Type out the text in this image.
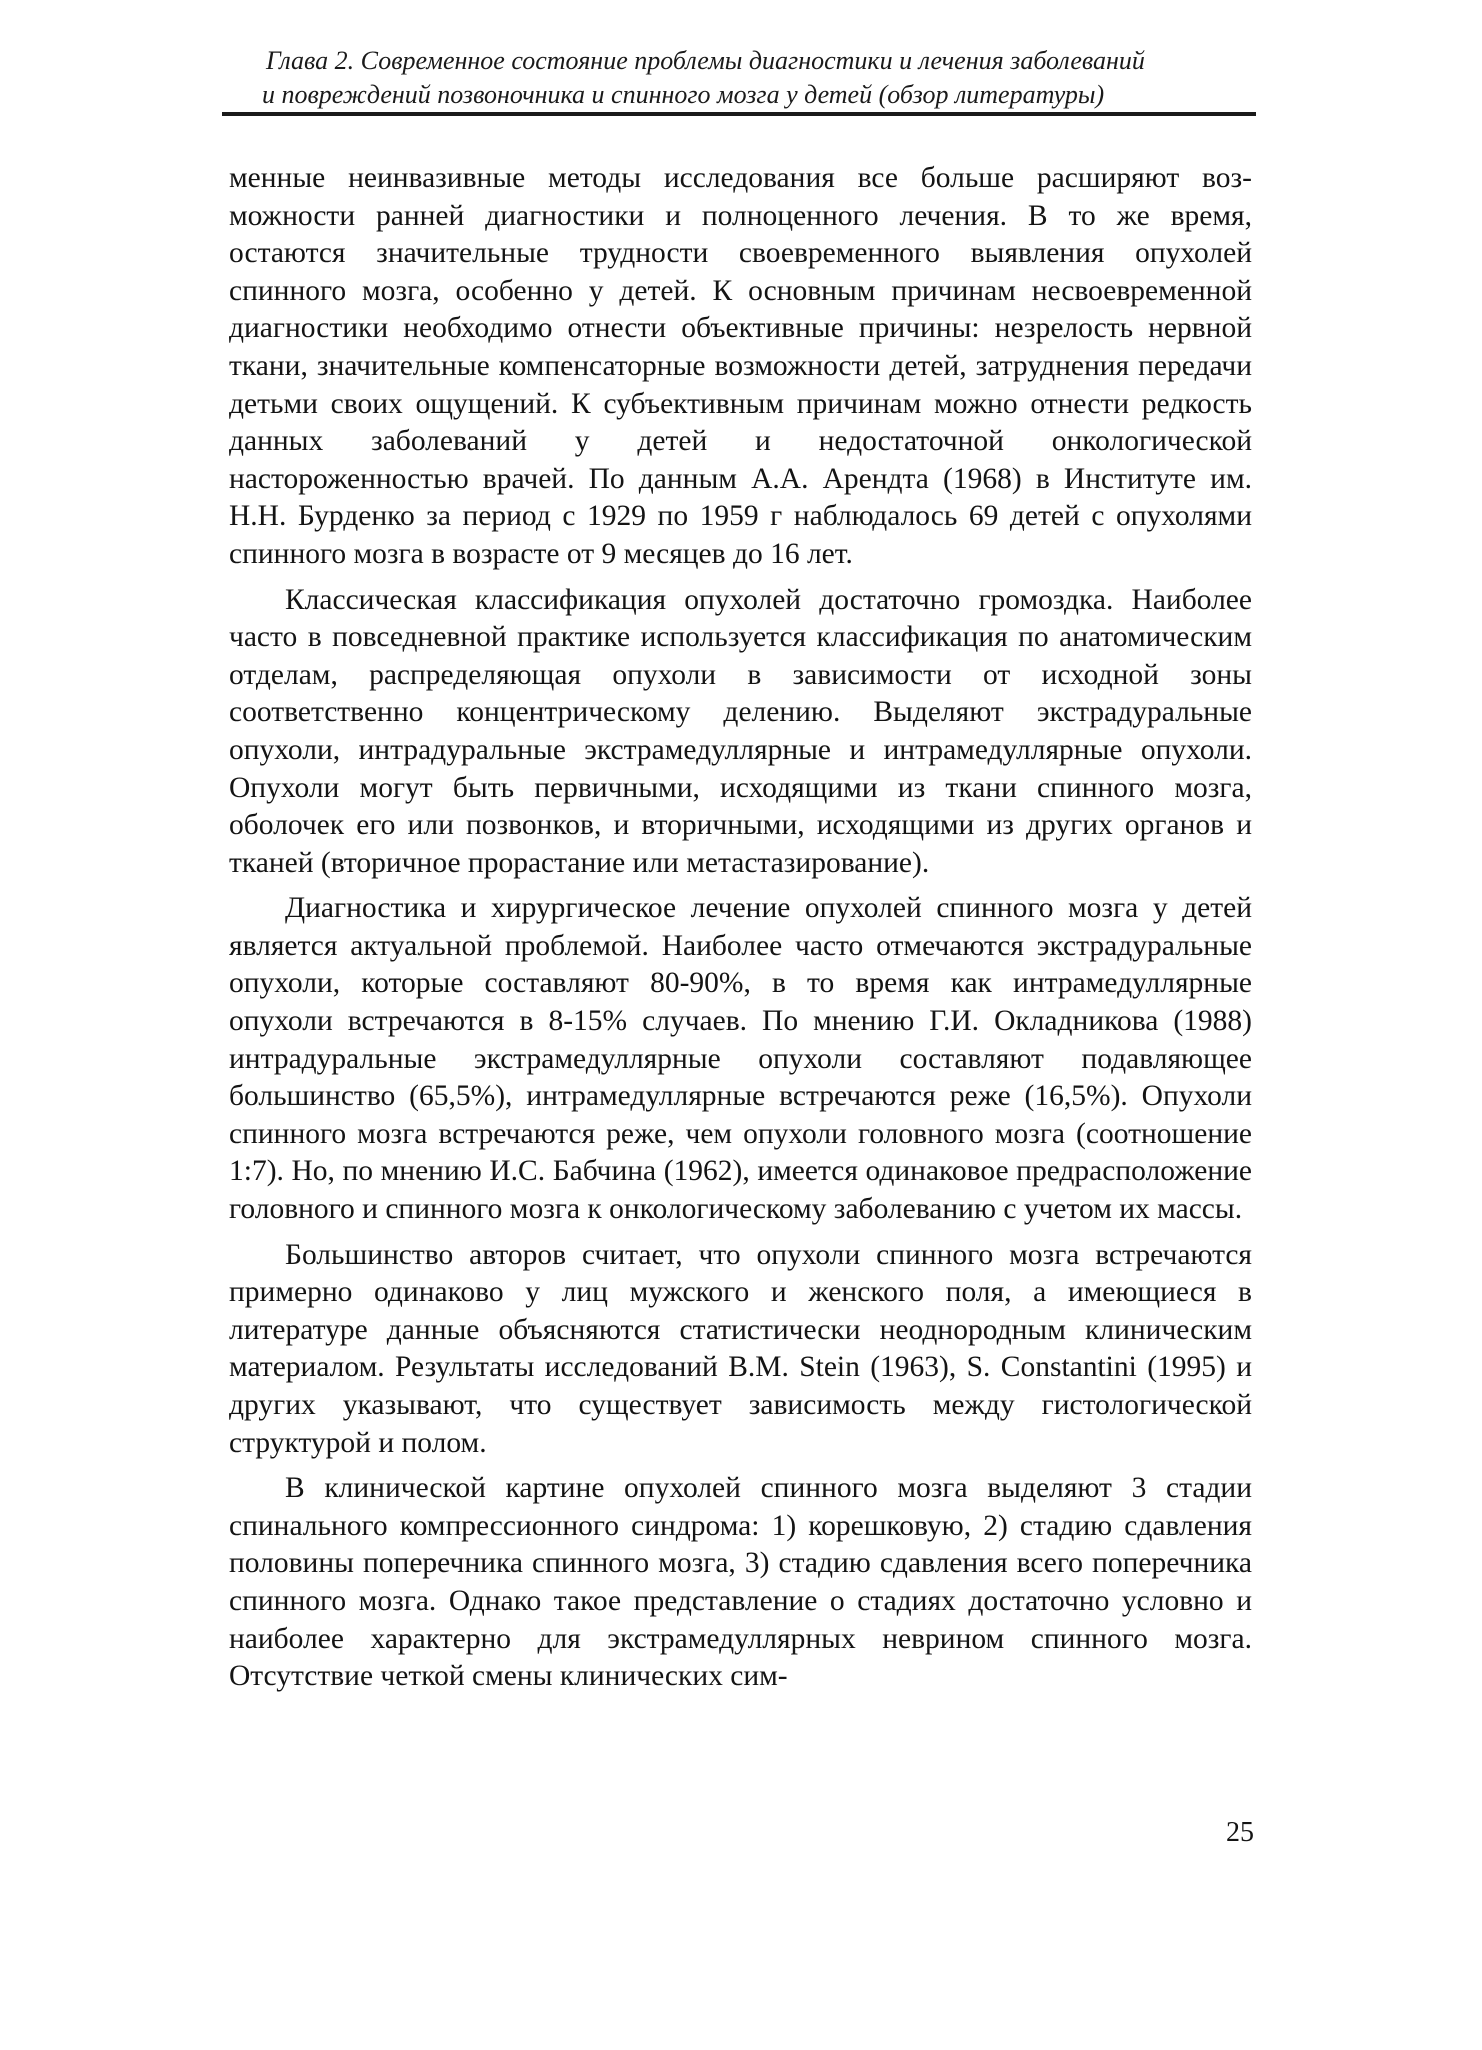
Глава 2. Современное состояние проблемы диагностики и лечения заболеваний
и повреждений позвоночника и спинного мозга у детей (обзор литературы)

менные неинвазивные методы исследования все больше расширяют возможности ранней диагностики и полноценного лечения. В то же время, остаются значительные трудности своевременного выявления опухолей спинного мозга, особенно у детей. К основным причинам несвоевременной диагностики необходимо отнести объективные причины: незрелость нервной ткани, значительные компенсаторные возможности детей, затруднения передачи детьми своих ощущений. К субъективным причинам можно отнести редкость данных заболеваний у детей и недостаточной онкологической настороженностью врачей. По данным А.А. Арендта (1968) в Институте им. Н.Н. Бурденко за период с 1929 по 1959 г наблюдалось 69 детей с опухолями спинного мозга в возрасте от 9 месяцев до 16 лет.

Классическая классификация опухолей достаточно громоздка. Наиболее часто в повседневной практике используется классификация по анатомическим отделам, распределяющая опухоли в зависимости от исходной зоны соответственно концентрическому делению. Выделяют экстрадуральные опухоли, интрадуральные экстрамедуллярные и интрамедуллярные опухоли. Опухоли могут быть первичными, исходящими из ткани спинного мозга, оболочек его или позвонков, и вторичными, исходящими из других органов и тканей (вторичное прорастание или метастазирование).

Диагностика и хирургическое лечение опухолей спинного мозга у детей является актуальной проблемой. Наиболее часто отмечаются экстрадуральные опухоли, которые составляют 80-90%, в то время как интрамедуллярные опухоли встречаются в 8-15% случаев. По мнению Г.И. Окладникова (1988) интрадуральные экстрамедуллярные опухоли составляют подавляющее большинство (65,5%), интрамедуллярные встречаются реже (16,5%). Опухоли спинного мозга встречаются реже, чем опухоли головного мозга (соотношение 1:7). Но, по мнению И.С. Бабчина (1962), имеется одинаковое предрасположение головного и спинного мозга к онкологическому заболеванию с учетом их массы.

Большинство авторов считает, что опухоли спинного мозга встречаются примерно одинаково у лиц мужского и женского поля, а имеющиеся в литературе данные объясняются статистически неоднородным клиническим материалом. Результаты исследований B.M. Stein (1963), S. Constantini (1995) и других указывают, что существует зависимость между гистологической структурой и полом.

В клинической картине опухолей спинного мозга выделяют 3 стадии спинального компрессионного синдрома: 1) корешковую, 2) стадию сдавления половины поперечника спинного мозга, 3) стадию сдавления всего поперечника спинного мозга. Однако такое представление о стадиях достаточно условно и наиболее характерно для экстрамедуллярных неврином спинного мозга. Отсутствие четкой смены клинических сим-

25
